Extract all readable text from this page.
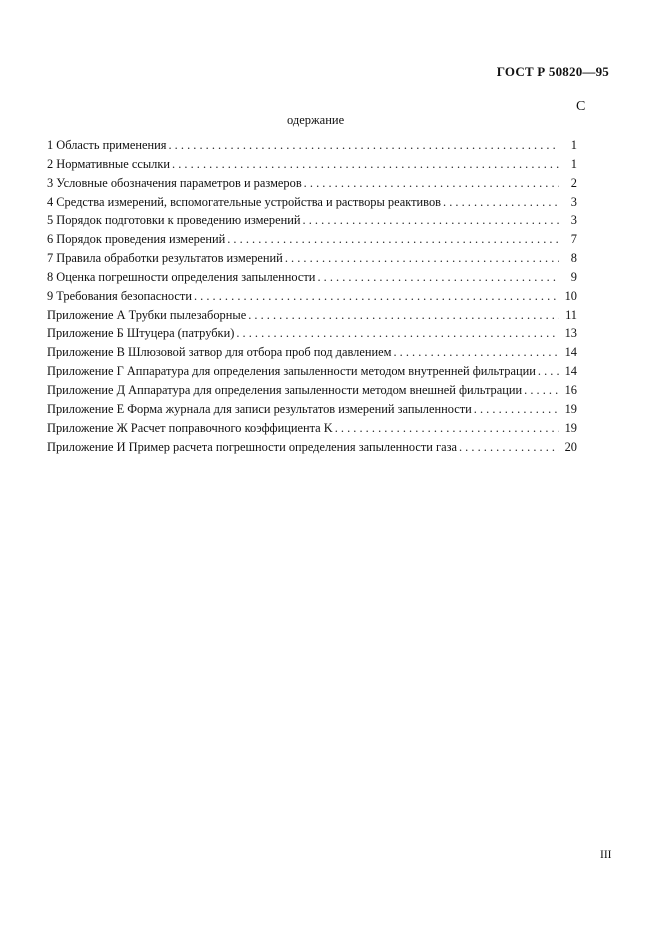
ГОСТ Р 50820—95
С
одержание
1 Область применения . . .	1
2 Нормативные ссылки . . .	1
3 Условные обозначения параметров и размеров . . .	2
4 Средства измерений, вспомогательные устройства и растворы реактивов . . .	3
5 Порядок подготовки к проведению измерений . . .	3
6 Порядок проведения измерений . . .	7
7 Правила обработки результатов измерений . . .	8
8 Оценка погрешности определения запыленности . . .	9
9 Требования безопасности . . .	10
Приложение А Трубки пылезаборные . . .	11
Приложение Б Штуцера (патрубки) . . .	13
Приложение В Шлюзовой затвор для отбора проб под давлением . . .	14
Приложение Г Аппаратура для определения запыленности методом внутренней фильтрации . . . 14
Приложение Д Аппаратура для определения запыленности методом внешней фильтрации . . .	16
Приложение Е Форма журнала для записи результатов измерений запыленности . . .	19
Приложение Ж Расчет поправочного коэффициента K . . .	19
Приложение И Пример расчета погрешности определения запыленности газа . . .	20
III
